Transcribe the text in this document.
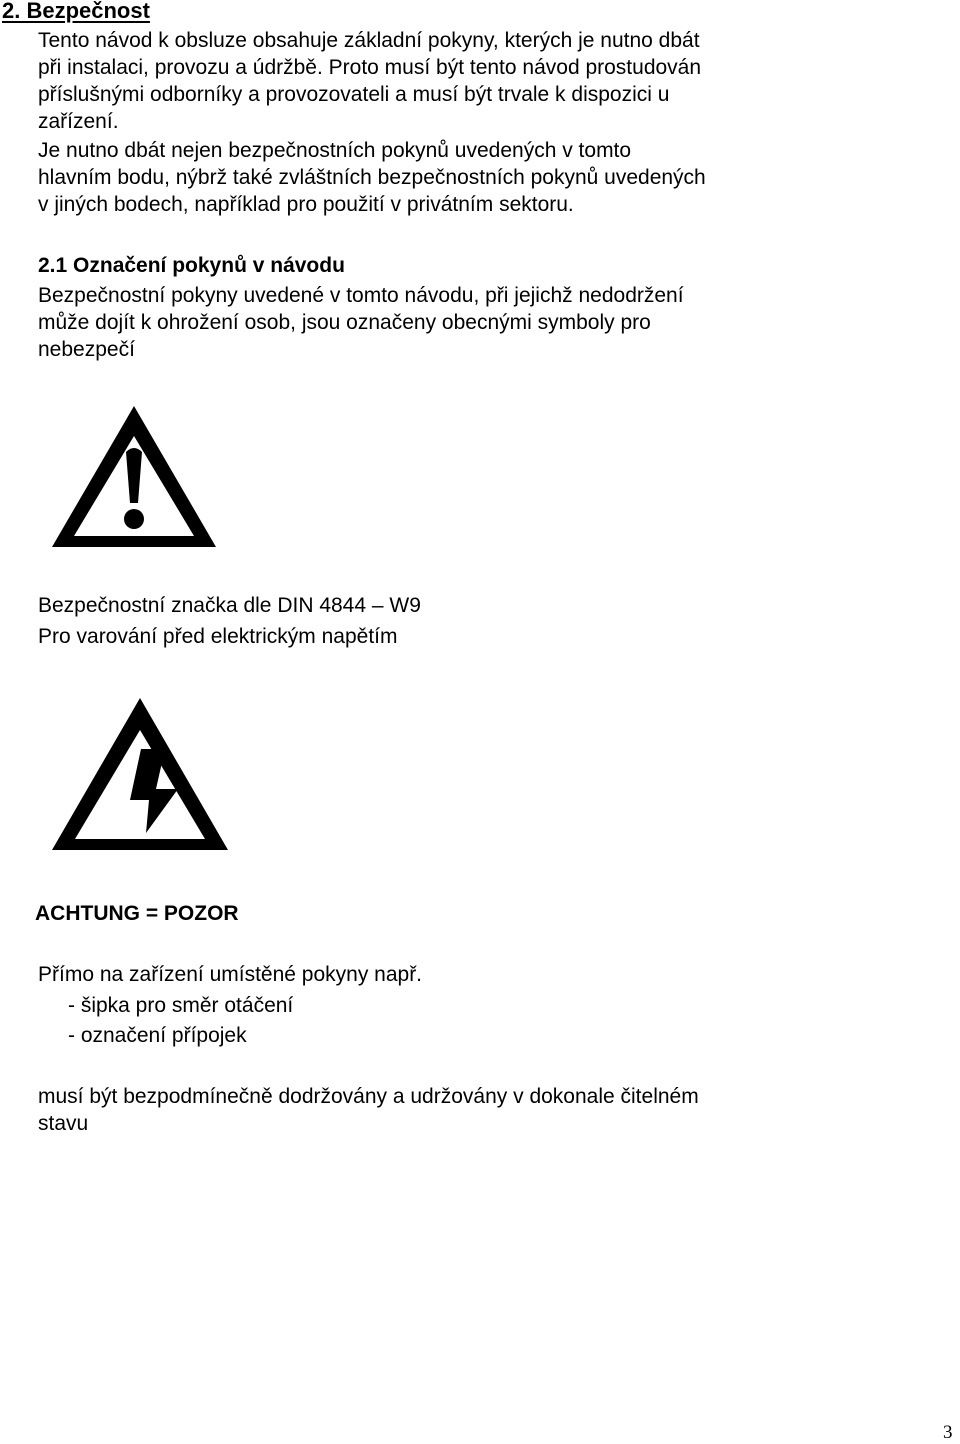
2. Bezpečnost
Tento návod k obsluze obsahuje základní pokyny, kterých je nutno dbát
při instalaci, provozu a údržbě. Proto musí být tento návod prostudován
příslušnými odborníky a provozovateli a musí být trvale k dispozici u
zařízení.
Je nutno dbát nejen bezpečnostních pokynů uvedených v tomto
hlavním bodu, nýbrž také zvláštních bezpečnostních pokynů uvedených
v jiných bodech, například pro použití v privátním sektoru.
2.1 Označení pokynů v návodu
Bezpečnostní pokyny uvedené v tomto návodu, při jejichž nedodržení
může dojít k ohrožení osob, jsou označeny obecnými symboly pro
nebezpečí
Bezpečnostní značka dle DIN 4844 – W9
Pro varování před elektrickým napětím
ACHTUNG = POZOR
Přímo na zařízení umístěné pokyny např.
- šipka pro směr otáčení
- označení přípojek
musí být bezpodmínečně dodržovány a udržovány v dokonale čitelném
stavu
3
